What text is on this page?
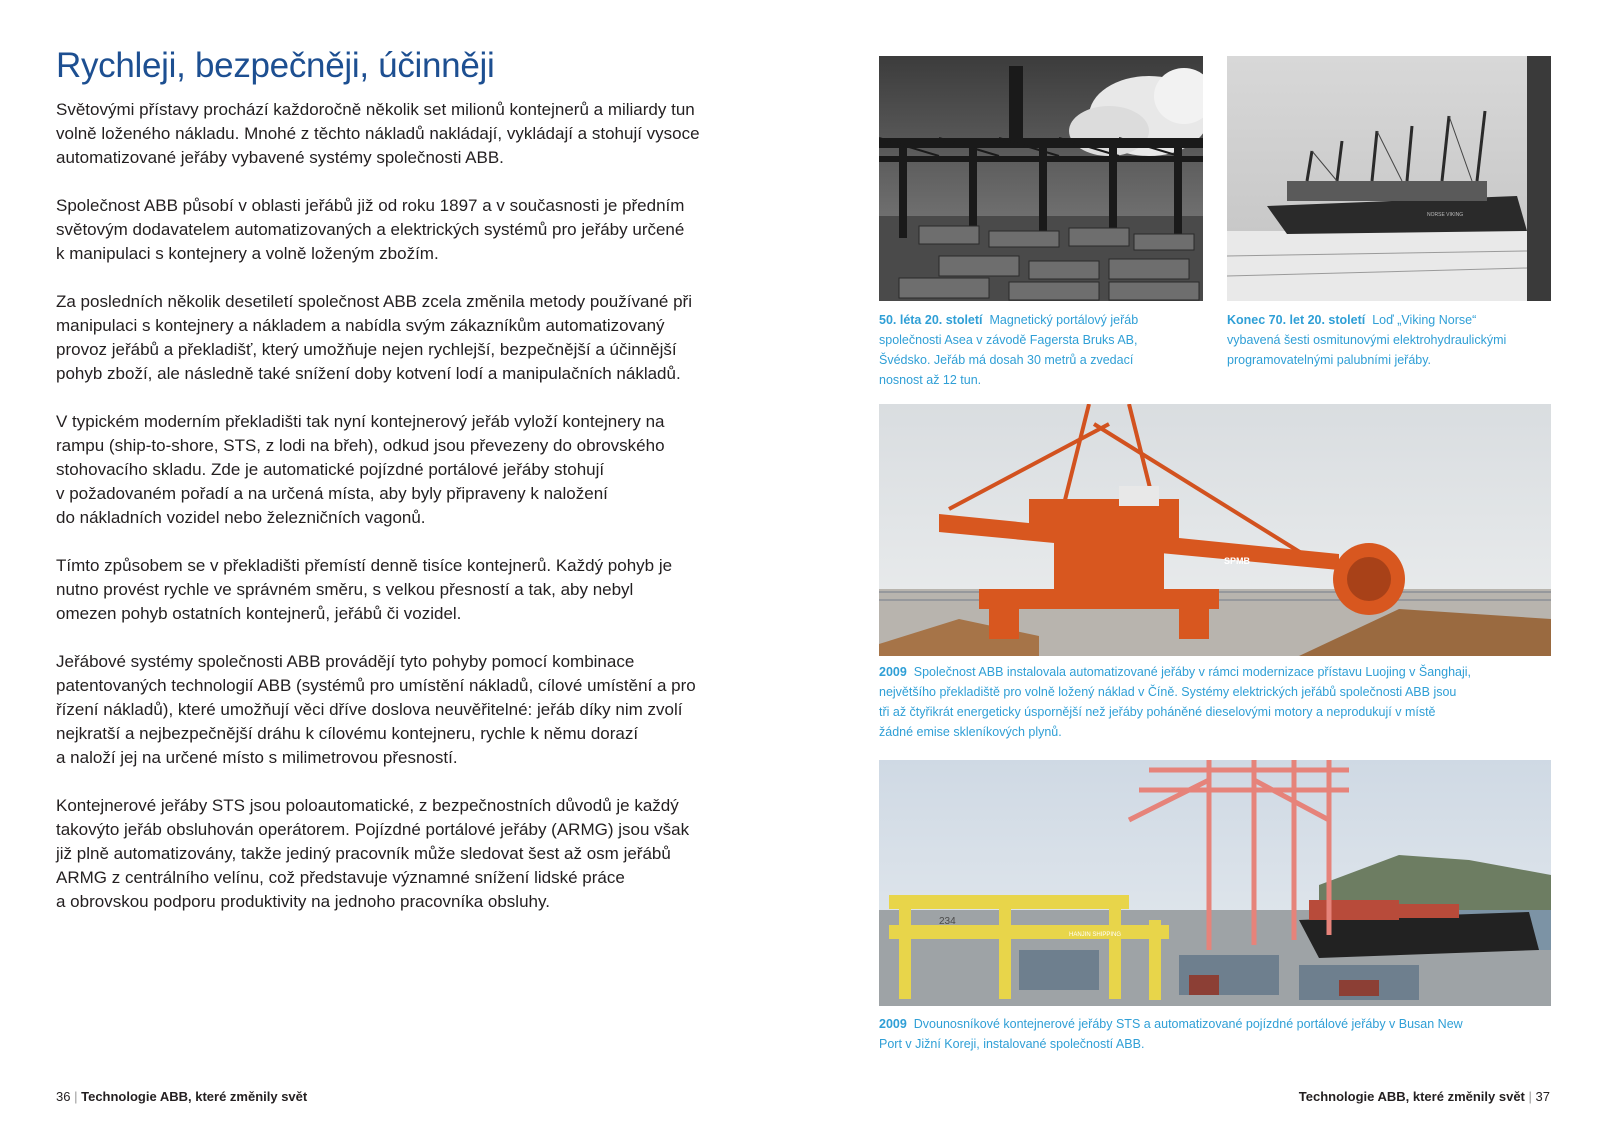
Rychleji, bezpečněji, účinněji

Světovými přístavy prochází každoročně několik set milionů kontejnerů a miliardy tun
volně loženého nákladu. Mnohé z těchto nákladů nakládají, vykládají a stohují vysoce
automatizované jeřáby vybavené systémy společnosti ABB.

Společnost ABB působí v oblasti jeřábů již od roku 1897 a v současnosti je předním
světovým dodavatelem automatizovaných a elektrických systémů pro jeřáby určené
k manipulaci s kontejnery a volně loženým zbožím.

Za posledních několik desetiletí společnost ABB zcela změnila metody používané při
manipulaci s kontejnery a nákladem a nabídla svým zákazníkům automatizovaný
provoz jeřábů a překladišť, který umožňuje nejen rychlejší, bezpečnější a účinnější
pohyb zboží, ale následně také snížení doby kotvení lodí a manipulačních nákladů.

V typickém moderním překladišti tak nyní kontejnerový jeřáb vyloží kontejnery na
rampu (ship-to-shore, STS, z lodi na břeh), odkud jsou převezeny do obrovského
stohovacího skladu. Zde je automatické pojízdné portálové jeřáby stohují
v požadovaném pořadí a na určená místa, aby byly připraveny k naložení
do nákladních vozidel nebo železničních vagonů.

Tímto způsobem se v překladišti přemístí denně tisíce kontejnerů. Každý pohyb je
nutno provést rychle ve správném směru, s velkou přesností a tak, aby nebyl
omezen pohyb ostatních kontejnerů, jeřábů či vozidel.

Jeřábové systémy společnosti ABB provádějí tyto pohyby pomocí kombinace
patentovaných technologií ABB (systémů pro umístění nákladů, cílové umístění a pro
řízení nákladů), které umožňují věci dříve doslova neuvěřitelné: jeřáb díky nim zvolí
nejkratší a nejbezpečnější dráhu k cílovému kontejneru, rychle k němu dorazí
a naloží jej na určené místo s milimetrovou přesností.

Kontejnerové jeřáby STS jsou poloautomatické, z bezpečnostních důvodů je každý
takovýto jeřáb obsluhován operátorem. Pojízdné portálové jeřáby (ARMG) jsou však
již plně automatizovány, takže jediný pracovník může sledovat šest až osm jeřábů
ARMG z centrálního velínu, což představuje významné snížení lidské práce
a obrovskou podporu produktivity na jednoho pracovníka obsluhy.

NORSE VIKING
50. léta 20. století Magnetický portálový jeřáb
společnosti Asea v závodě Fagersta Bruks AB,
Švédsko. Jeřáb má dosah 30 metrů a zvedací
nosnost až 12 tun.
Konec 70. let 20. století Loď „Viking Norse“
vybavená šesti osmitunovými elektrohydraulickými
programovatelnými palubními jeřáby.
SPMB
2009 Společnost ABB instalovala automatizované jeřáby v rámci modernizace přístavu Luojing v Šanghaji,
největšího překladiště pro volně ložený náklad v Číně. Systémy elektrických jeřábů společnosti ABB jsou
tři až čtyřikrát energeticky úspornější než jeřáby poháněné dieselovými motory a neprodukují v místě
žádné emise skleníkových plynů.
234
HANJIN SHIPPING
2009 Dvounosníkové kontejnerové jeřáby STS a automatizované pojízdné portálové jeřáby v Busan New
Port v Jižní Koreji, instalované společností ABB.
36 | Technologie ABB, které změnily svět	Technologie ABB, které změnily svět | 37
